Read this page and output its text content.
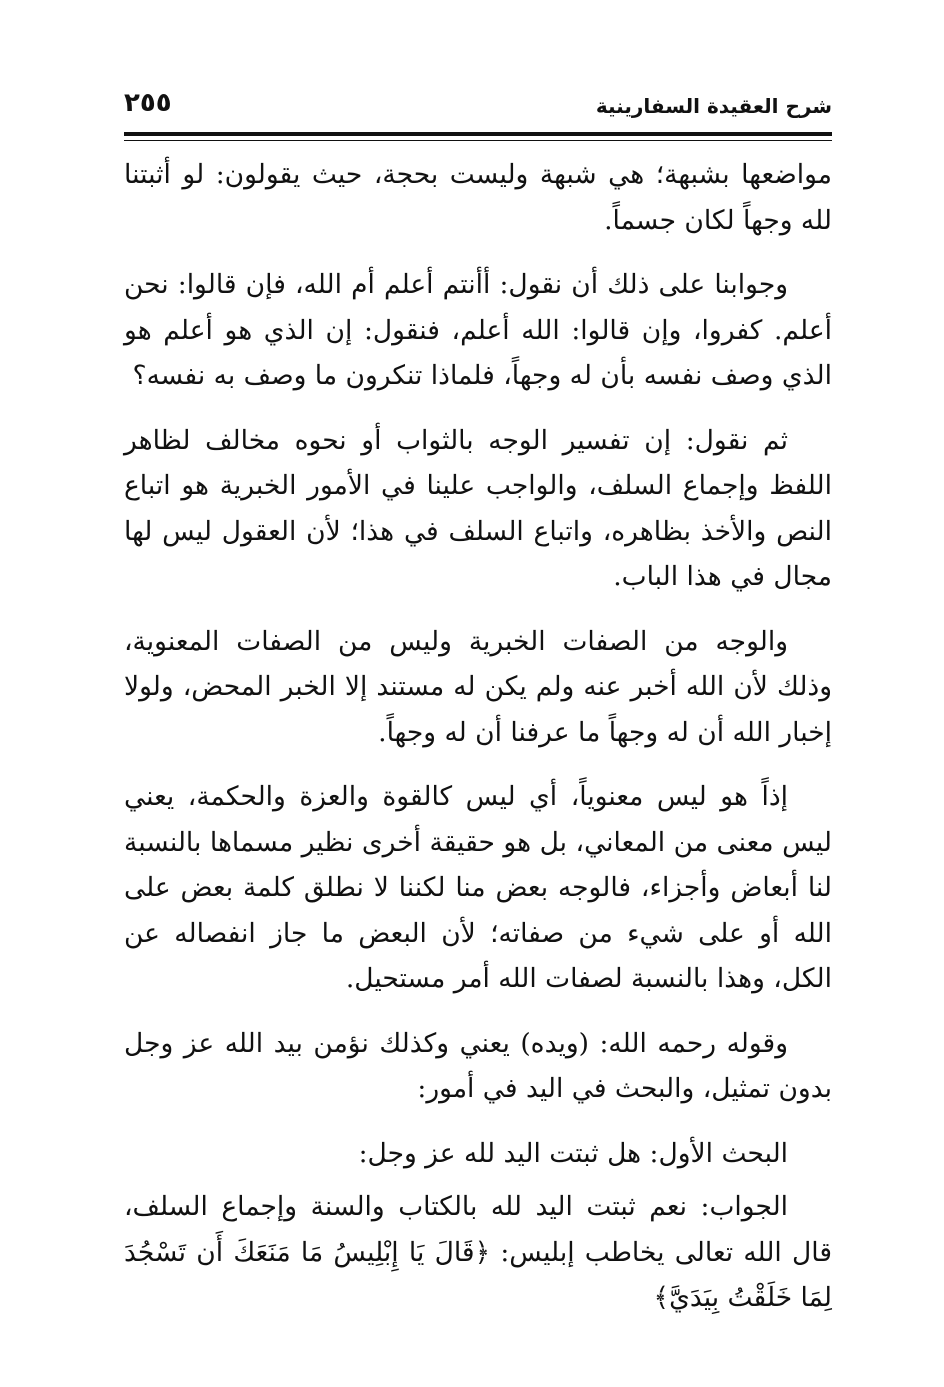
شرح العقيدة السفارينية
٢٥٥

مواضعها بشبهة؛ هي شبهة وليست بحجة، حيث يقولون: لو أثبتنا لله وجهاً لكان جسماً.

وجوابنا على ذلك أن نقول: أأنتم أعلم أم الله، فإن قالوا: نحن أعلم. كفروا، وإن قالوا: الله أعلم، فنقول: إن الذي هو أعلم هو الذي وصف نفسه بأن له وجهاً، فلماذا تنكرون ما وصف به نفسه؟

ثم نقول: إن تفسير الوجه بالثواب أو نحوه مخالف لظاهر اللفظ وإجماع السلف، والواجب علينا في الأمور الخبرية هو اتباع النص والأخذ بظاهره، واتباع السلف في هذا؛ لأن العقول ليس لها مجال في هذا الباب.

والوجه من الصفات الخبرية وليس من الصفات المعنوية، وذلك لأن الله أخبر عنه ولم يكن له مستند إلا الخبر المحض، ولولا إخبار الله أن له وجهاً ما عرفنا أن له وجهاً.

إذاً هو ليس معنوياً، أي ليس كالقوة والعزة والحكمة، يعني ليس معنى من المعاني، بل هو حقيقة أخرى نظير مسماها بالنسبة لنا أبعاض وأجزاء، فالوجه بعض منا لكننا لا نطلق كلمة بعض على الله أو على شيء من صفاته؛ لأن البعض ما جاز انفصاله عن الكل، وهذا بالنسبة لصفات الله أمر مستحيل.

وقوله رحمه الله: (ويده) يعني وكذلك نؤمن بيد الله عز وجل بدون تمثيل، والبحث في اليد في أمور:

البحث الأول: هل ثبتت اليد لله عز وجل:

الجواب: نعم ثبتت اليد لله بالكتاب والسنة وإجماع السلف، قال الله تعالى يخاطب إبليس: ﴿قَالَ يَا إِبْلِيسُ مَا مَنَعَكَ أَن تَسْجُدَ لِمَا خَلَقْتُ بِيَدَيَّ﴾
